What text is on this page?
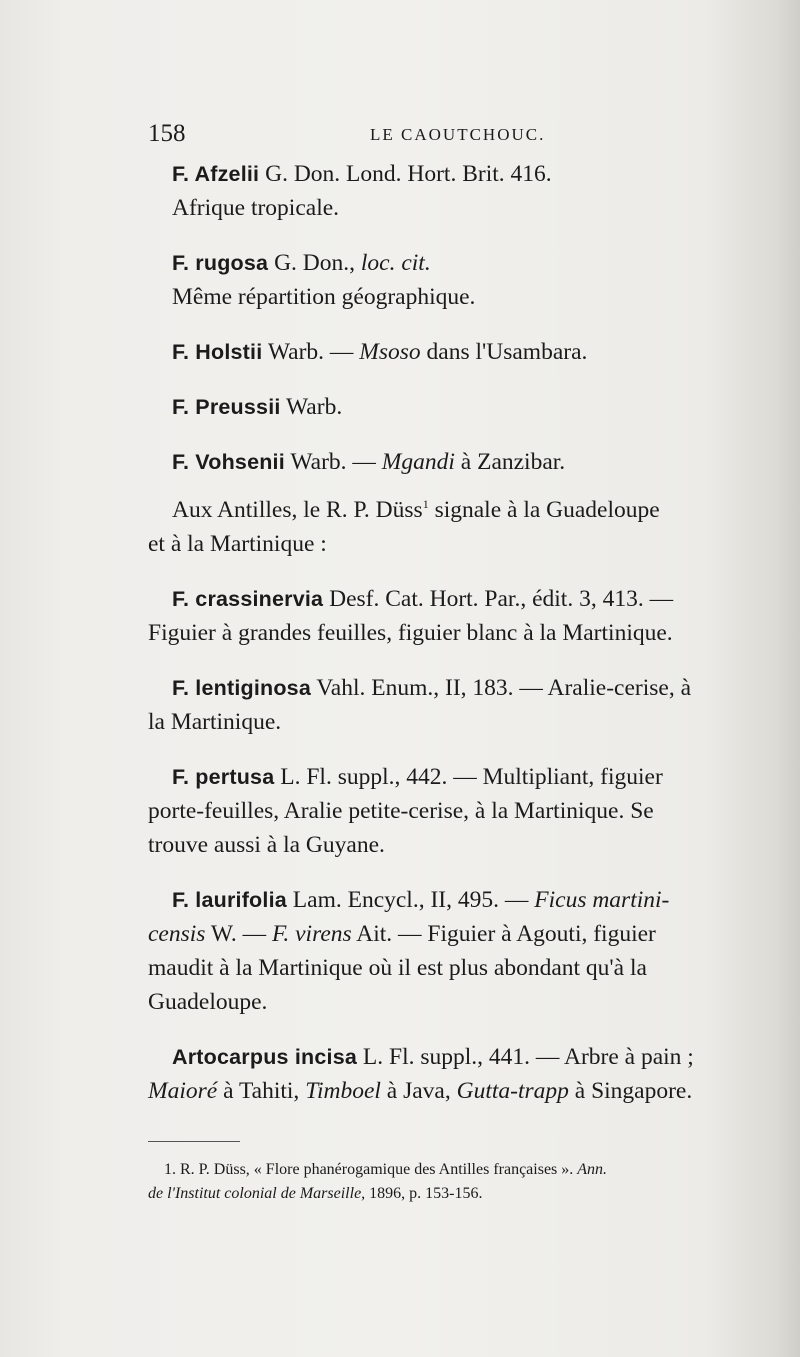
158	LE CAOUTCHOUC.
F. Afzelii G. Don. Lond. Hort. Brit. 416.
Afrique tropicale.
F. rugosa G. Don., loc. cit.
Même répartition géographique.
F. Holstii Warb. — Msoso dans l'Usambara.
F. Preussii Warb.
F. Vohsenii Warb. — Mgandi à Zanzibar.
Aux Antilles, le R. P. Düss$^1$ signale à la Guadeloupe
et à la Martinique :
F. crassinervia Desf. Cat. Hort. Par., édit. 3, 413. —
Figuier à grandes feuilles, figuier blanc à la Martinique.
F. lentiginosa Vahl. Enum., II, 183. — Aralie-cerise, à
la Martinique.
F. pertusa L. Fl. suppl., 442. — Multipliant, figuier
porte-feuilles, Aralie petite-cerise, à la Martinique. Se
trouve aussi à la Guyane.
F. laurifolia Lam. Encycl., II, 495. — Ficus martini-
censis W. — F. virens Ait. — Figuier à Agouti, figuier
maudit à la Martinique où il est plus abondant qu'à la
Guadeloupe.
Artocarpus incisa L. Fl. suppl., 441. — Arbre à pain ;
Maioré à Tahiti, Timboel à Java, Gutta-trapp à Singapore.
1. R. P. Düss, « Flore phanérogamique des Antilles françaises ». Ann.
de l'Institut colonial de Marseille, 1896, p. 153-156.
